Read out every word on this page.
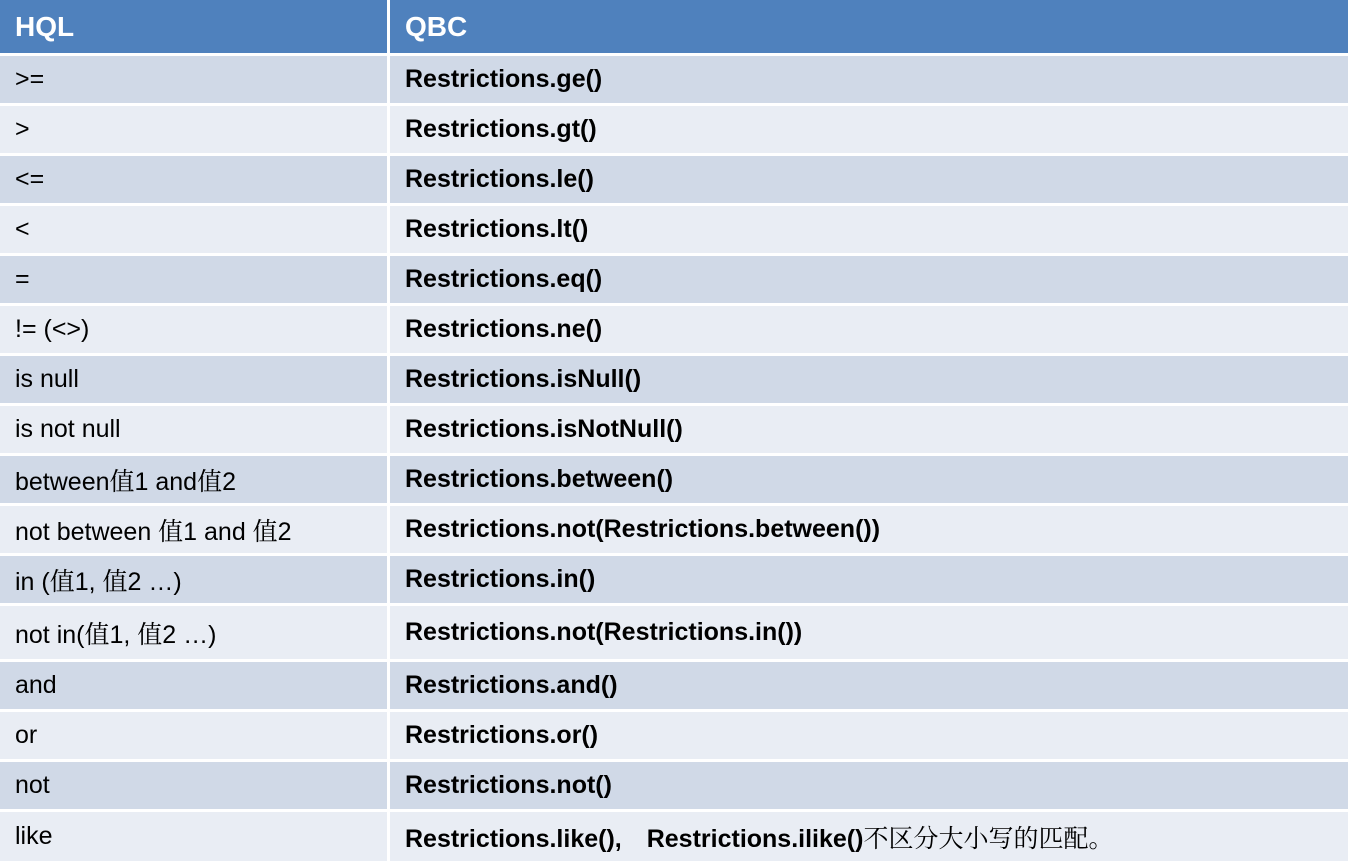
HQL	QBC
>=	Restrictions.ge()
>	Restrictions.gt()
<=	Restrictions.le()
<	Restrictions.lt()
=	Restrictions.eq()
!= (<>)	Restrictions.ne()
is null	Restrictions.isNull()
is not null	Restrictions.isNotNull()
between值1 and值2	Restrictions.between()
not between 值1 and 值2	Restrictions.not(Restrictions.between())
in (值1, 值2 …)	Restrictions.in()
not in(值1, 值2 …)	Restrictions.not(Restrictions.in())
and	Restrictions.and()
or	Restrictions.or()
not	Restrictions.not()
like	Restrictions.like(),　Restrictions.ilike() 不区分大小写的匹配。
